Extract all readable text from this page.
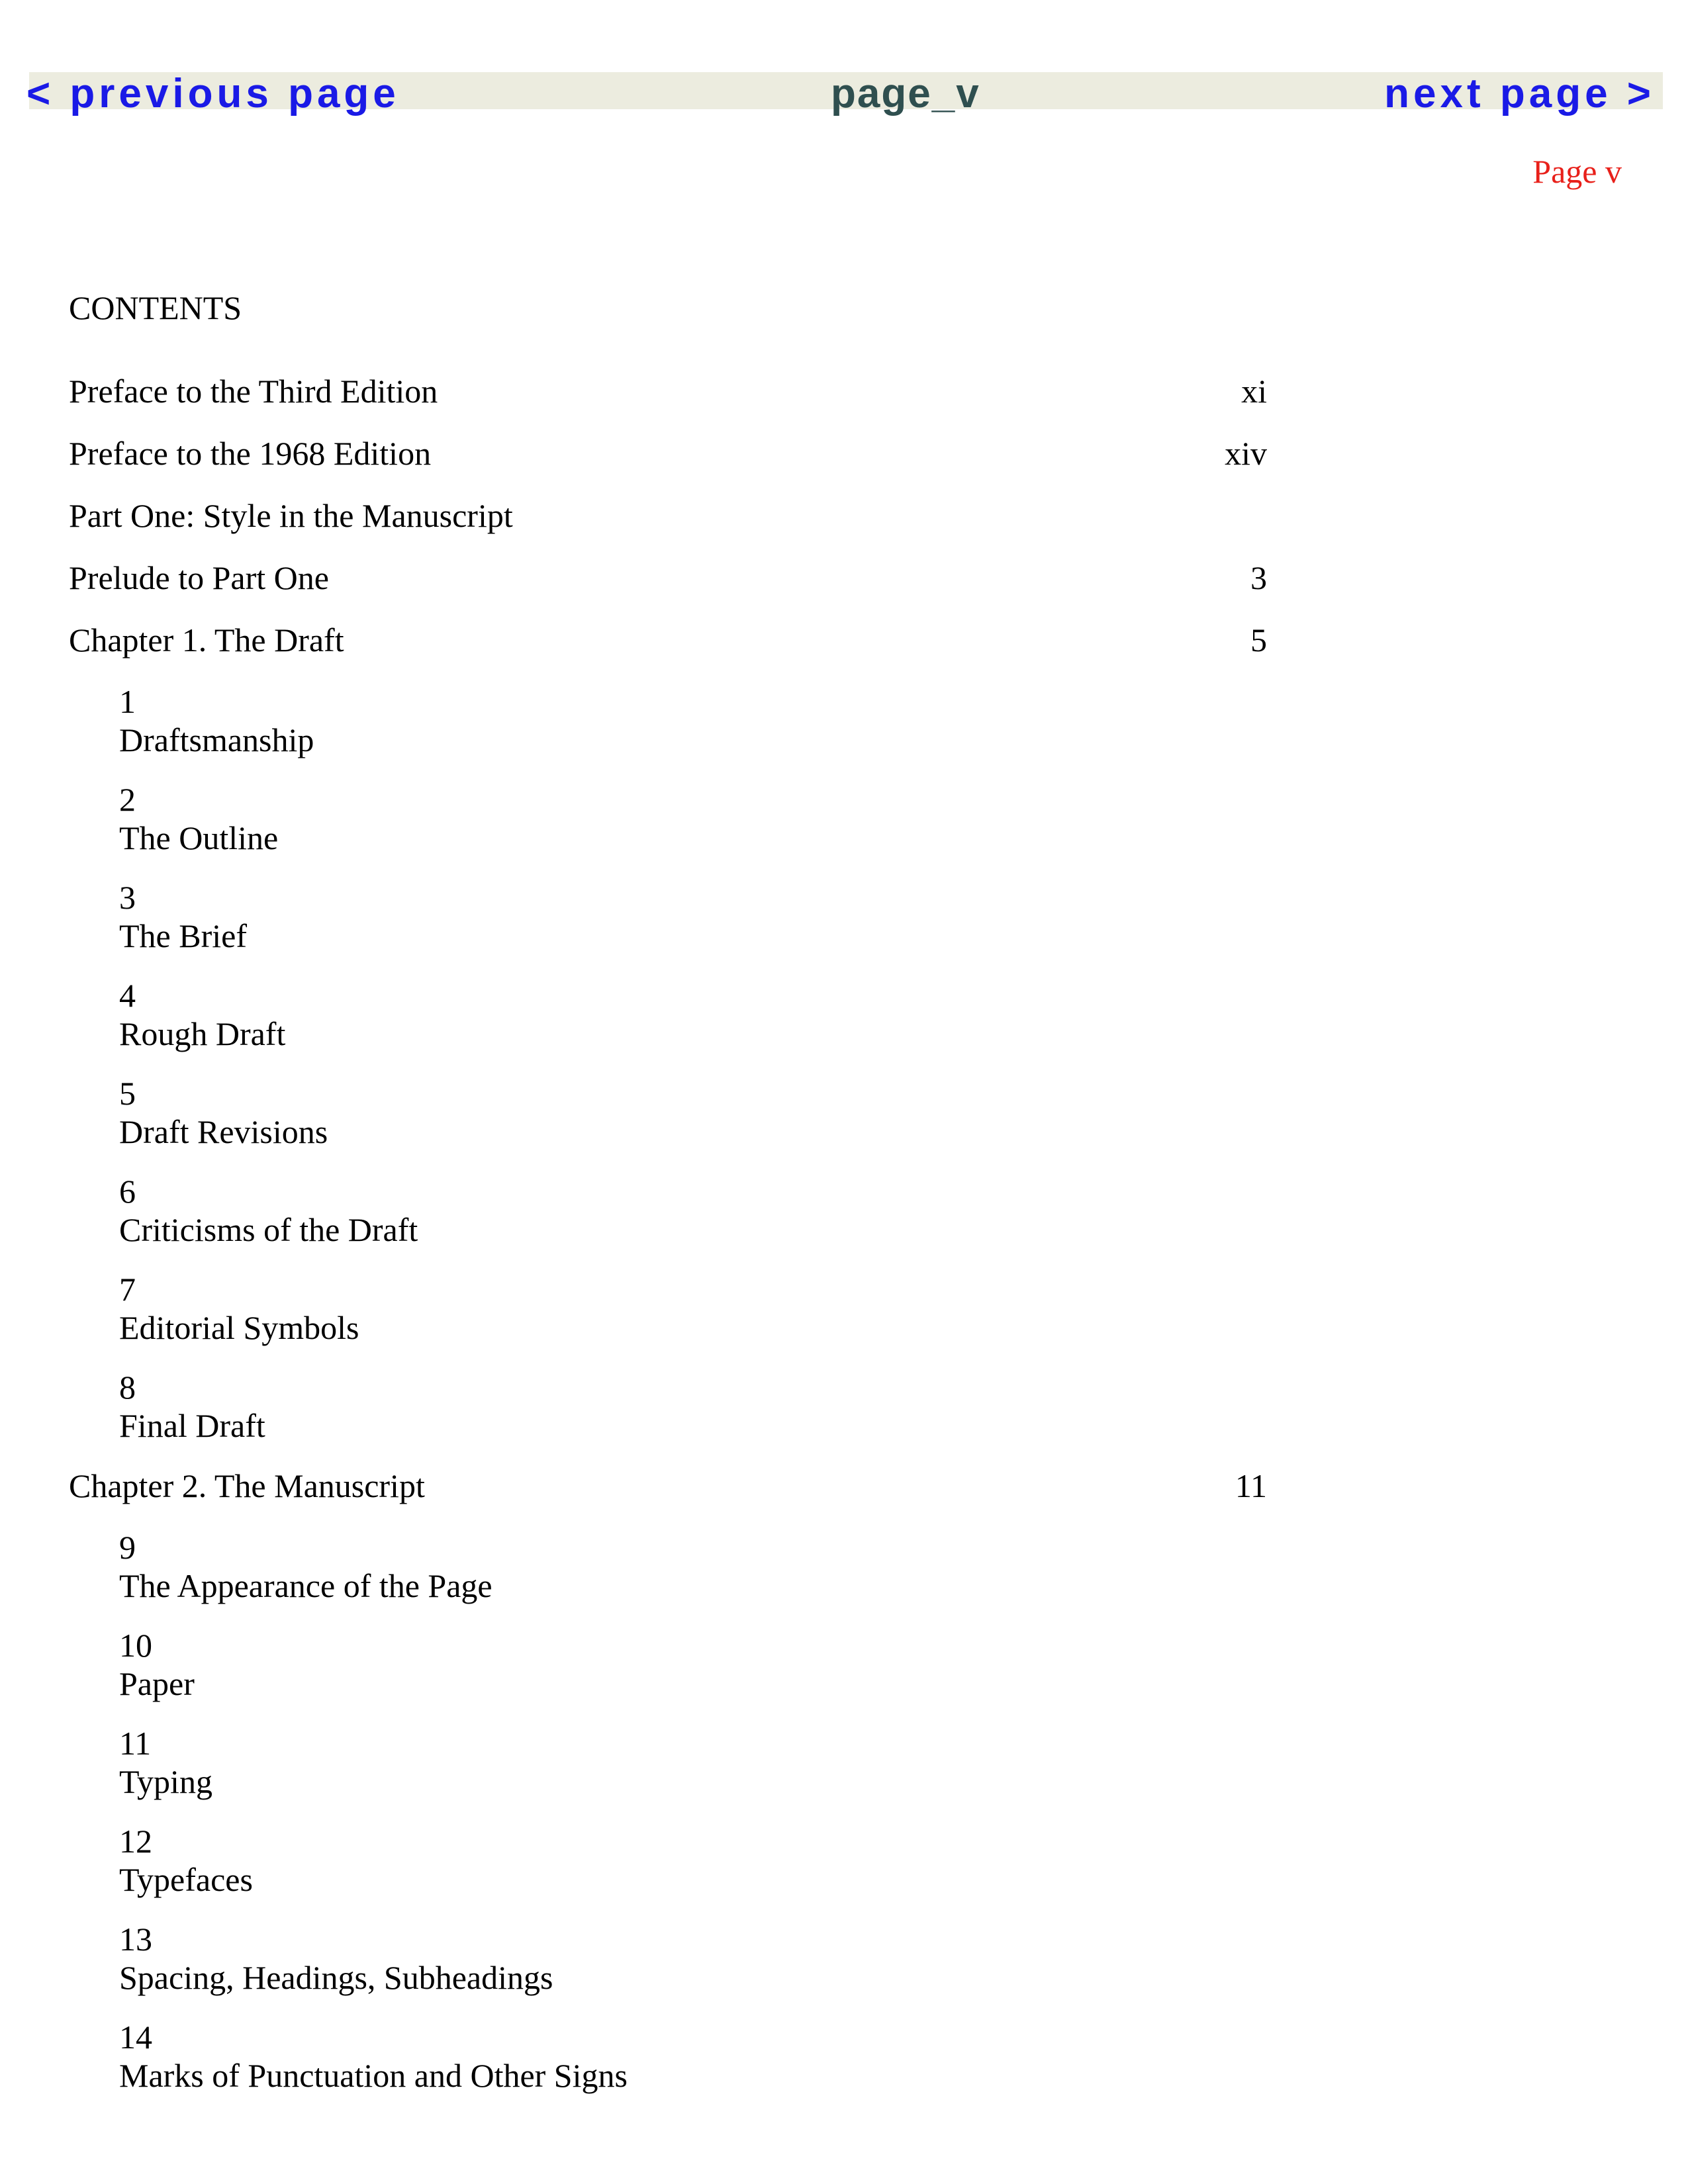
< previous page	page_v	next page >
Page v
CONTENTS
Preface to the Third Edition	xi
Preface to the 1968 Edition	xiv
Part One: Style in the Manuscript
Prelude to Part One	3
Chapter 1. The Draft	5
1
Draftsmanship
2
The Outline
3
The Brief
4
Rough Draft
5
Draft Revisions
6
Criticisms of the Draft
7
Editorial Symbols
8
Final Draft
Chapter 2. The Manuscript	11
9
The Appearance of the Page
10
Paper
11
Typing
12
Typefaces
13
Spacing, Headings, Subheadings
14
Marks of Punctuation and Other Signs
